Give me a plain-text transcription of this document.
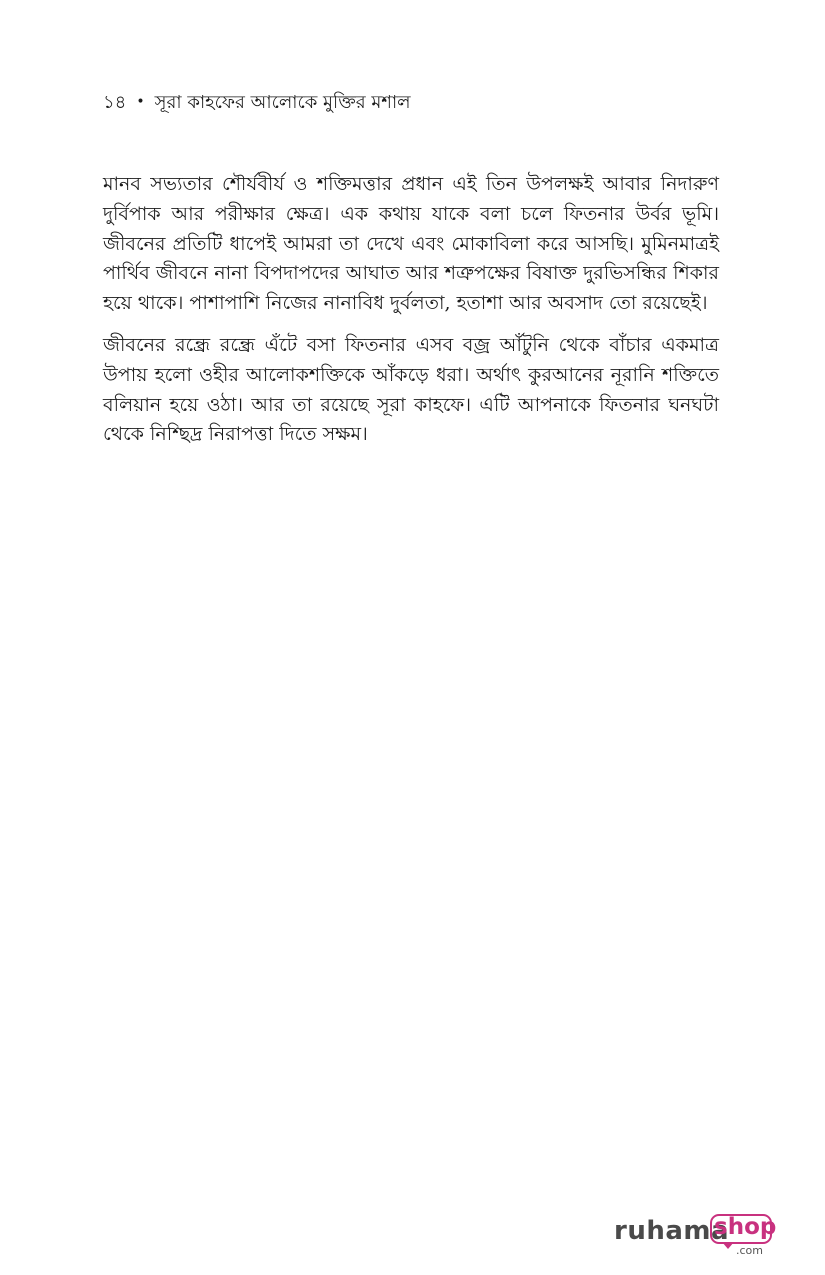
১৪ • সূরা কাহফের আলোকে মুক্তির মশাল

মানব সভ্যতার শৌর্যবীর্য ও শক্তিমত্তার প্রধান এই তিন উপলক্ষই আবার নিদারুণ দুর্বিপাক আর পরীক্ষার ক্ষেত্র। এক কথায় যাকে বলা চলে ফিতনার উর্বর ভূমি। জীবনের প্রতিটি ধাপেই আমরা তা দেখে এবং মোকাবিলা করে আসছি। মুমিনমাত্রই পার্থিব জীবনে নানা বিপদাপদের আঘাত আর শত্রুপক্ষের বিষাক্ত দুরভিসন্ধির শিকার হয়ে থাকে। পাশাপাশি নিজের নানাবিধ দুর্বলতা, হতাশা আর অবসাদ তো রয়েছেই।

জীবনের রন্ধ্রে রন্ধ্রে এঁটে বসা ফিতনার এসব বজ্র আঁটুনি থেকে বাঁচার একমাত্র উপায় হলো ওহীর আলোকশক্তিকে আঁকড়ে ধরা। অর্থাৎ কুরআনের নূরানি শক্তিতে বলিয়ান হয়ে ওঠা। আর তা রয়েছে সূরা কাহফে। এটি আপনাকে ফিতনার ঘনঘটা থেকে নিশ্ছিদ্র নিরাপত্তা দিতে সক্ষম।

ruhama
shop
.com
